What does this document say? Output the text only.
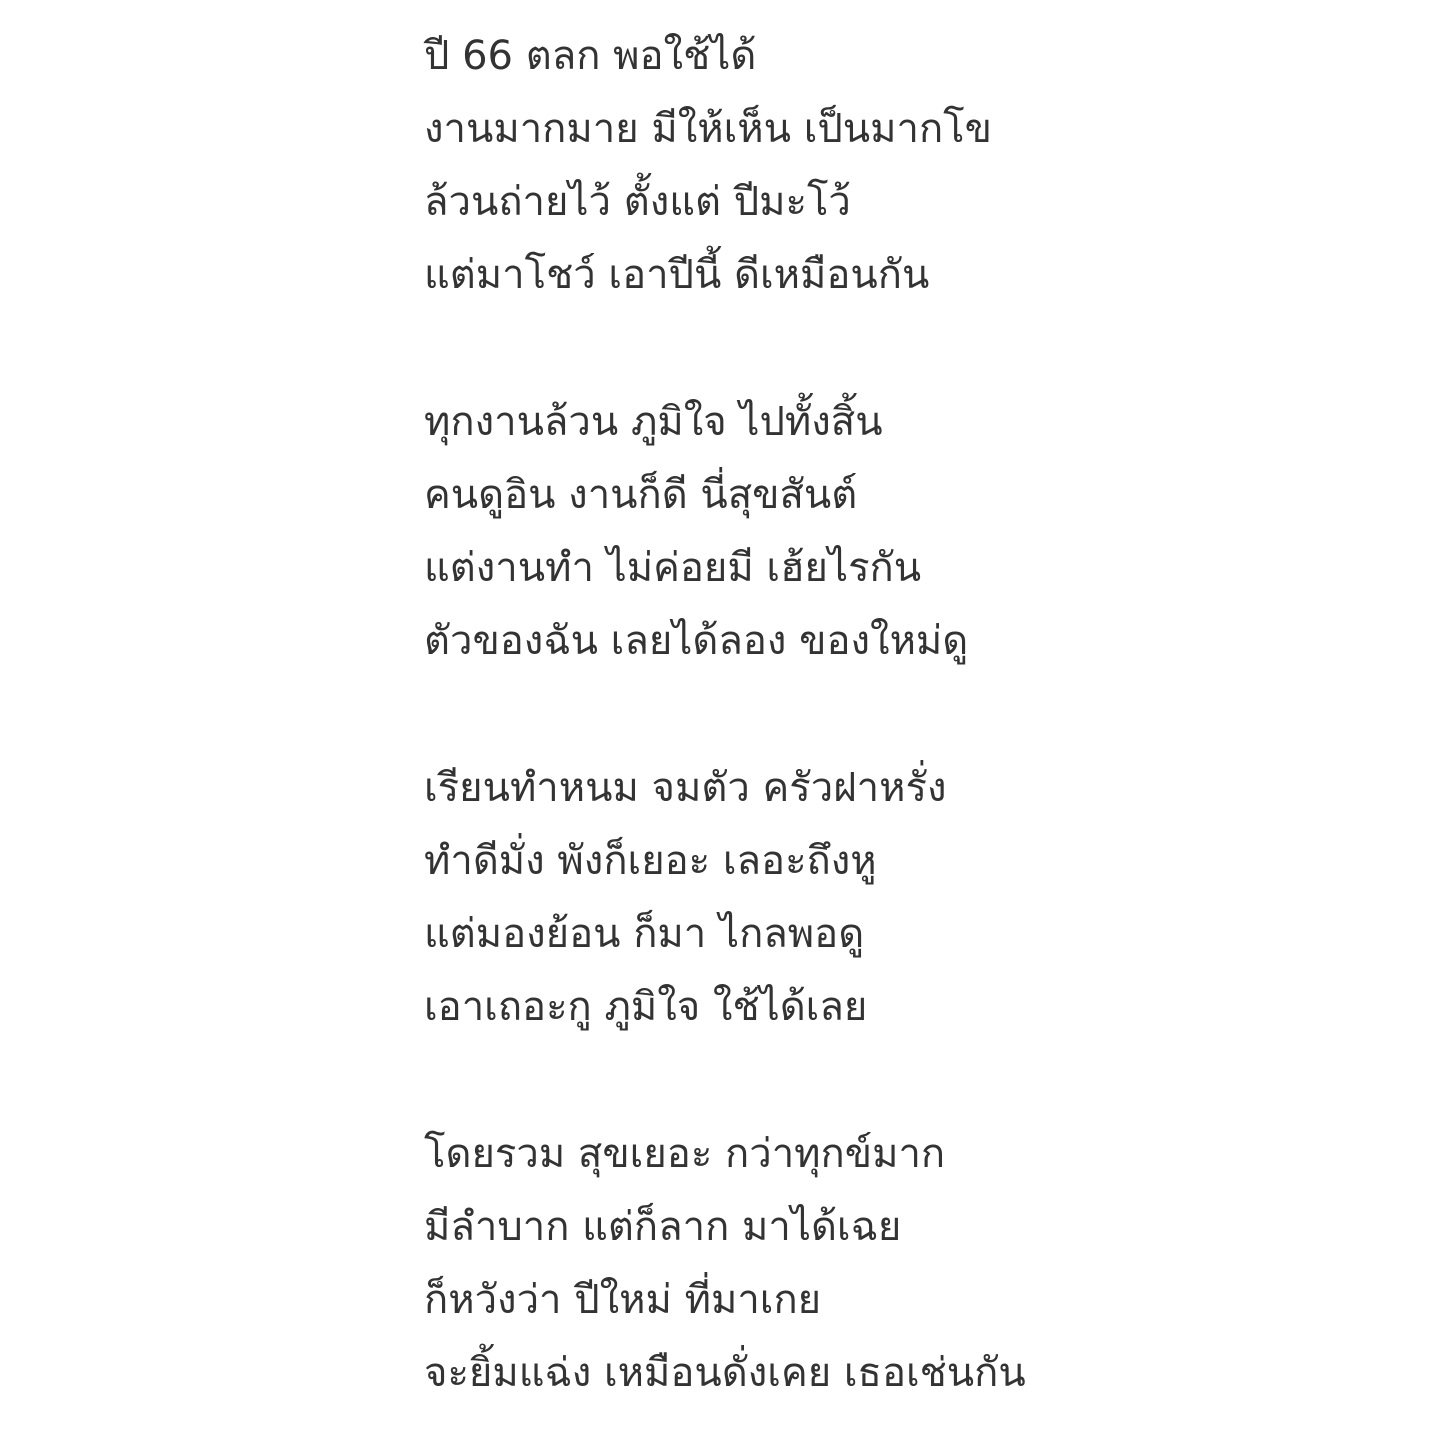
ปี 66 ตลก พอใช้ได้
งานมากมาย มีให้เห็น เป็นมากโข
ล้วนถ่ายไว้ ตั้งแต่ ปีมะโว้
แต่มาโชว์ เอาปีนี้ ดีเหมือนกัน
ทุกงานล้วน ภูมิใจ ไปทั้งสิ้น
คนดูอิน งานก็ดี นี่สุขสันต์
แต่งานทำ ไม่ค่อยมี เฮ้ยไรกัน
ตัวของฉัน เลยได้ลอง ของใหม่ดู
เรียนทำหนม จมตัว ครัวฝาหรั่ง
ทำดีมั่ง พังก็เยอะ เลอะถึงหู
แต่มองย้อน ก็มา ไกลพอดู
เอาเถอะกู ภูมิใจ ใช้ได้เลย
โดยรวม สุขเยอะ กว่าทุกข์มาก
มีลำบาก แต่ก็ลาก มาได้เฉย
ก็หวังว่า ปีใหม่ ที่มาเกย
จะยิ้มแฉ่ง เหมือนดั่งเคย เธอเช่นกัน
